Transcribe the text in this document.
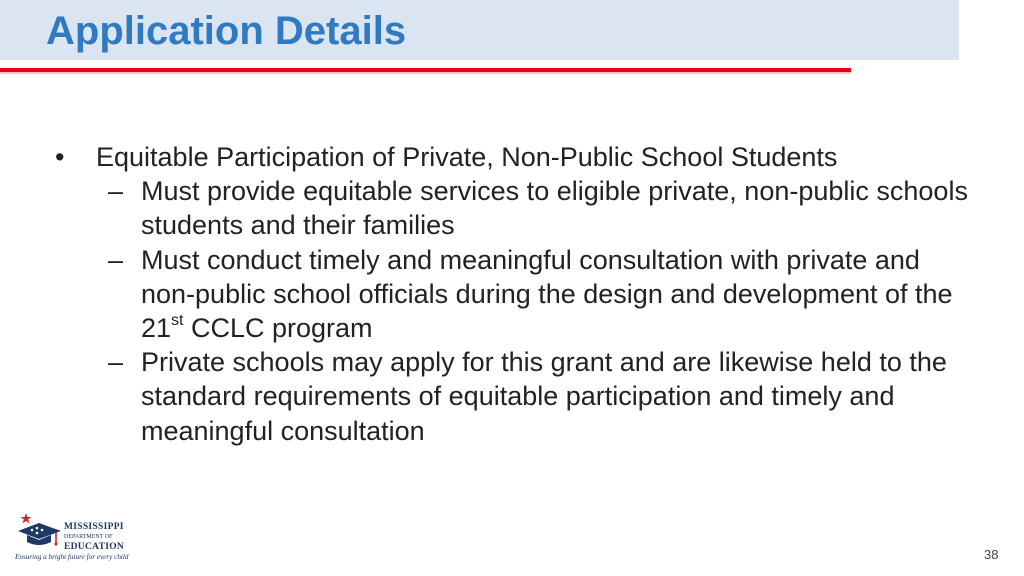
Application Details
• Equitable Participation of Private, Non-Public School Students
– Must provide equitable services to eligible private, non-public schools students and their families
– Must conduct timely and meaningful consultation with private and non-public school officials during the design and development of the 21st CCLC program
– Private schools may apply for this grant and are likewise held to the standard requirements of equitable participation and timely and meaningful consultation
MISSISSIPPI
DEPARTMENT OF
EDUCATION
Ensuring a bright future for every child	38
